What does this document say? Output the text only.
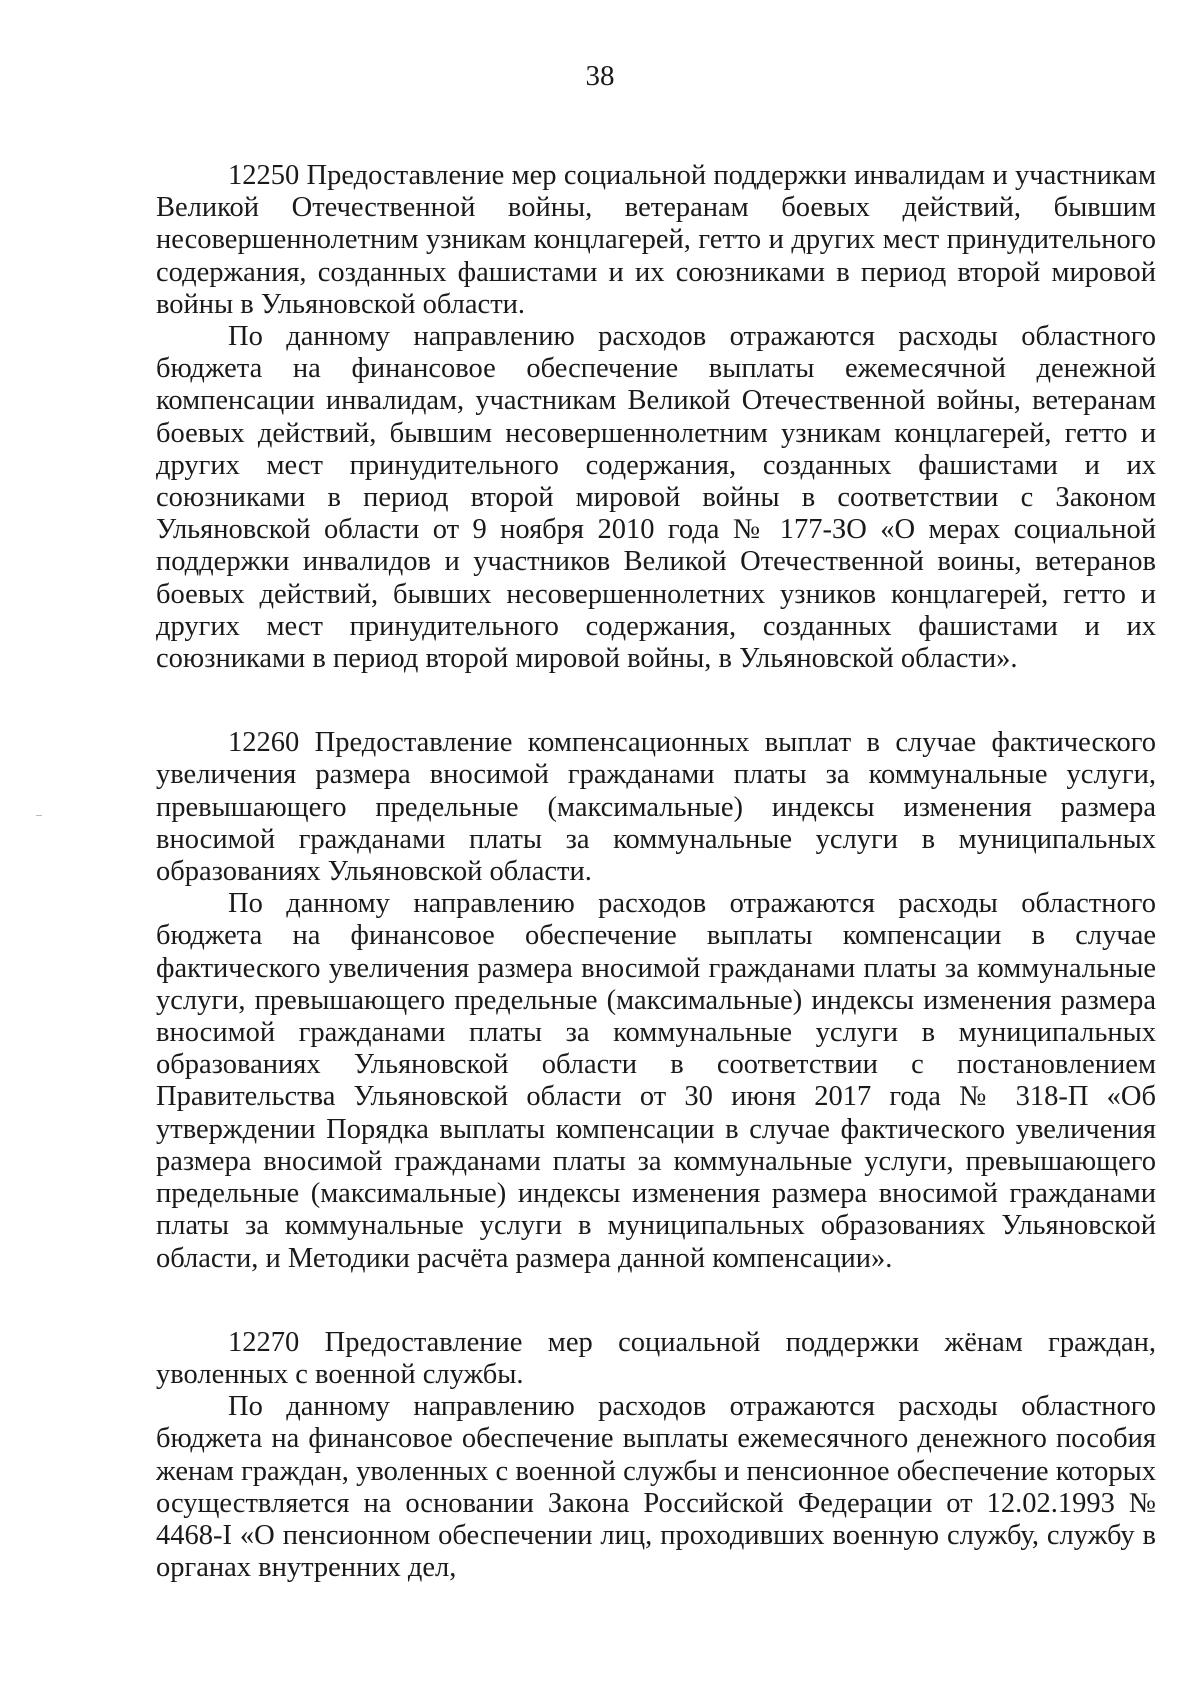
38

12250 Предоставление мер социальной поддержки инвалидам и участникам Великой Отечественной войны, ветеранам боевых действий, бывшим несовершеннолетним узникам концлагерей, гетто и других мест принудительного содержания, созданных фашистами и их союзниками в период второй мировой войны в Ульяновской области.

По данному направлению расходов отражаются расходы областного бюджета на финансовое обеспечение выплаты ежемесячной денежной компенсации инвалидам, участникам Великой Отечественной войны, ветеранам боевых действий, бывшим несовершеннолетним узникам концлагерей, гетто и других мест принудительного содержания, созданных фашистами и их союзниками в период второй мировой войны в соответствии с Законом Ульяновской области от 9 ноября 2010 года № 177-ЗО «О мерах социальной поддержки инвалидов и участников Великой Отечественной воины, ветеранов боевых действий, бывших несовершеннолетних узников концлагерей, гетто и других мест принудительного содержания, созданных фашистами и их союзниками в период второй мировой войны, в Ульяновской области».

12260 Предоставление компенсационных выплат в случае фактического увеличения размера вносимой гражданами платы за коммунальные услуги, превышающего предельные (максимальные) индексы изменения размера вносимой гражданами платы за коммунальные услуги в муниципальных образованиях Ульяновской области.

По данному направлению расходов отражаются расходы областного бюджета на финансовое обеспечение выплаты компенсации в случае фактического увеличения размера вносимой гражданами платы за коммунальные услуги, превышающего предельные (максимальные) индексы изменения размера вносимой гражданами платы за коммунальные услуги в муниципальных образованиях Ульяновской области в соответствии с постановлением Правительства Ульяновской области от 30 июня 2017 года № 318-П «Об утверждении Порядка выплаты компенсации в случае фактического увеличения размера вносимой гражданами платы за коммунальные услуги, превышающего предельные (максимальные) индексы изменения размера вносимой гражданами платы за коммунальные услуги в муниципальных образованиях Ульяновской области, и Методики расчёта размера данной компенсации».

12270 Предоставление мер социальной поддержки жёнам граждан, уволенных с военной службы.

По данному направлению расходов отражаются расходы областного бюджета на финансовое обеспечение выплаты ежемесячного денежного пособия женам граждан, уволенных с военной службы и пенсионное обеспечение которых осуществляется на основании Закона Российской Федерации от 12.02.1993 № 4468-I «О пенсионном обеспечении лиц, проходивших военную службу, службу в органах внутренних дел,
